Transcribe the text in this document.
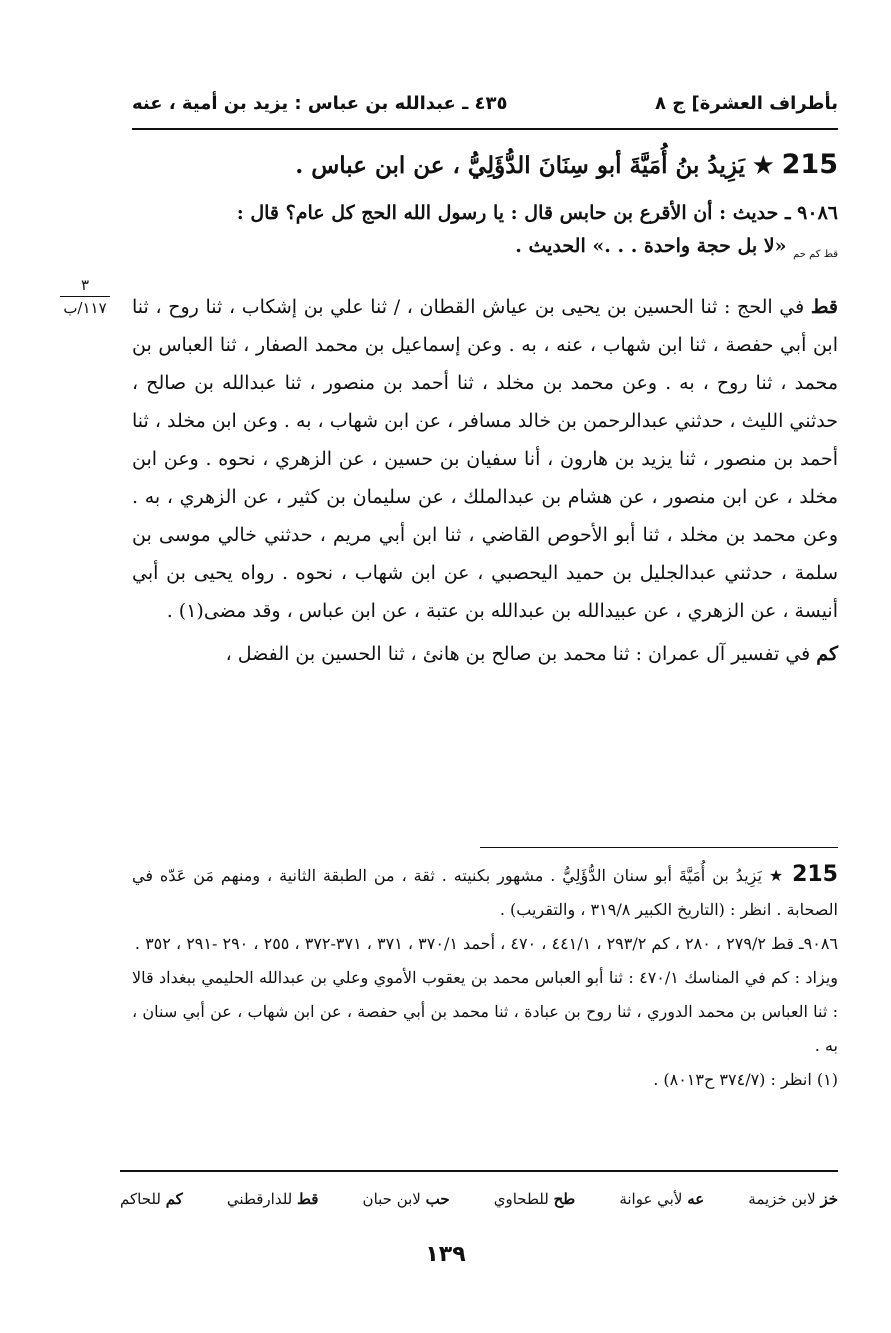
بأطراف العشرة] ج ٨
٤٣٥ ـ عبدالله بن عباس : يزيد بن أمية ، عنه
215 ★ يَزِيدُ بنُ أُمَيَّةَ أبو سِنَانَ الدُّؤَلِيُّ ، عن ابن عباس .
٩٠٨٦ ـ حديث : أن الأقرع بن حابس قال : يا رسول الله الحج كل عام؟ قال :
$_{قط كم حم}$ «لا بل حجة واحدة . . .» الحديث .
٣
١١٧/ب	قط في الحج : ثنا الحسين بن يحيى بن عياش القطان ، / ثنا علي بن إشكاب ، ثنا روح ، ثنا ابن أبي حفصة ، ثنا ابن شهاب ، عنه ، به . وعن إسماعيل بن محمد الصفار ، ثنا العباس بن محمد ، ثنا روح ، به . وعن محمد بن مخلد ، ثنا أحمد بن منصور ، ثنا عبدالله بن صالح ، حدثني الليث ، حدثني عبدالرحمن بن خالد مسافر ، عن ابن شهاب ، به . وعن ابن مخلد ، ثنا أحمد بن منصور ، ثنا يزيد بن هارون ، أنا سفيان بن حسين ، عن الزهري ، نحوه . وعن ابن مخلد ، عن ابن منصور ، عن هشام بن عبدالملك ، عن سليمان بن كثير ، عن الزهري ، به . وعن محمد بن مخلد ، ثنا أبو الأحوص القاضي ، ثنا ابن أبي مريم ، حدثني خالي موسى بن سلمة ، حدثني عبدالجليل بن حميد اليحصبي ، عن ابن شهاب ، نحوه . رواه يحيى بن أبي أنيسة ، عن الزهري ، عن عبيدالله بن عبدالله بن عتبة ، عن ابن عباس ، وقد مضى(١) .

كم في تفسير آل عمران : ثنا محمد بن صالح بن هانئ ، ثنا الحسين بن الفضل ،

215 ★ يَزِيدُ بن أُمَيَّةَ أبو سنان الدُّؤَلِيُّ . مشهور بكنيته . ثقة ، من الطبقة الثانية ، ومنهم مَن عَدّه في الصحابة . انظر : (التاريخ الكبير ٣١٩/٨ ، والتقريب) .

٩٠٨٦ـ قط ٢٧٩/٢ ، ٢٨٠ ، كم ٢٩٣/٢ ، ٤٤١/١ ، ٤٧٠ ، أحمد ٣٧٠/١ ، ٣٧١ ، ٣٧١-٣٧٢ ، ٢٥٥ ، ٢٩٠ -٢٩١ ، ٣٥٢ .

ويزاد : كم في المناسك ٤٧٠/١ : ثنا أبو العباس محمد بن يعقوب الأموي وعلي بن عبدالله الحليمي ببغداد قالا : ثنا العباس بن محمد الدوري ، ثنا روح بن عبادة ، ثنا محمد بن أبي حفصة ، عن ابن شهاب ، عن أبي سنان ، به .

(١) انظر : (٣٧٤/٧ ح٨٠١٣) .

خز لابن خزيمة
عه لأبي عوانة
طح للطحاوي
حب لابن حبان
قط للدارقطني
كم للحاكم
١٣٩
